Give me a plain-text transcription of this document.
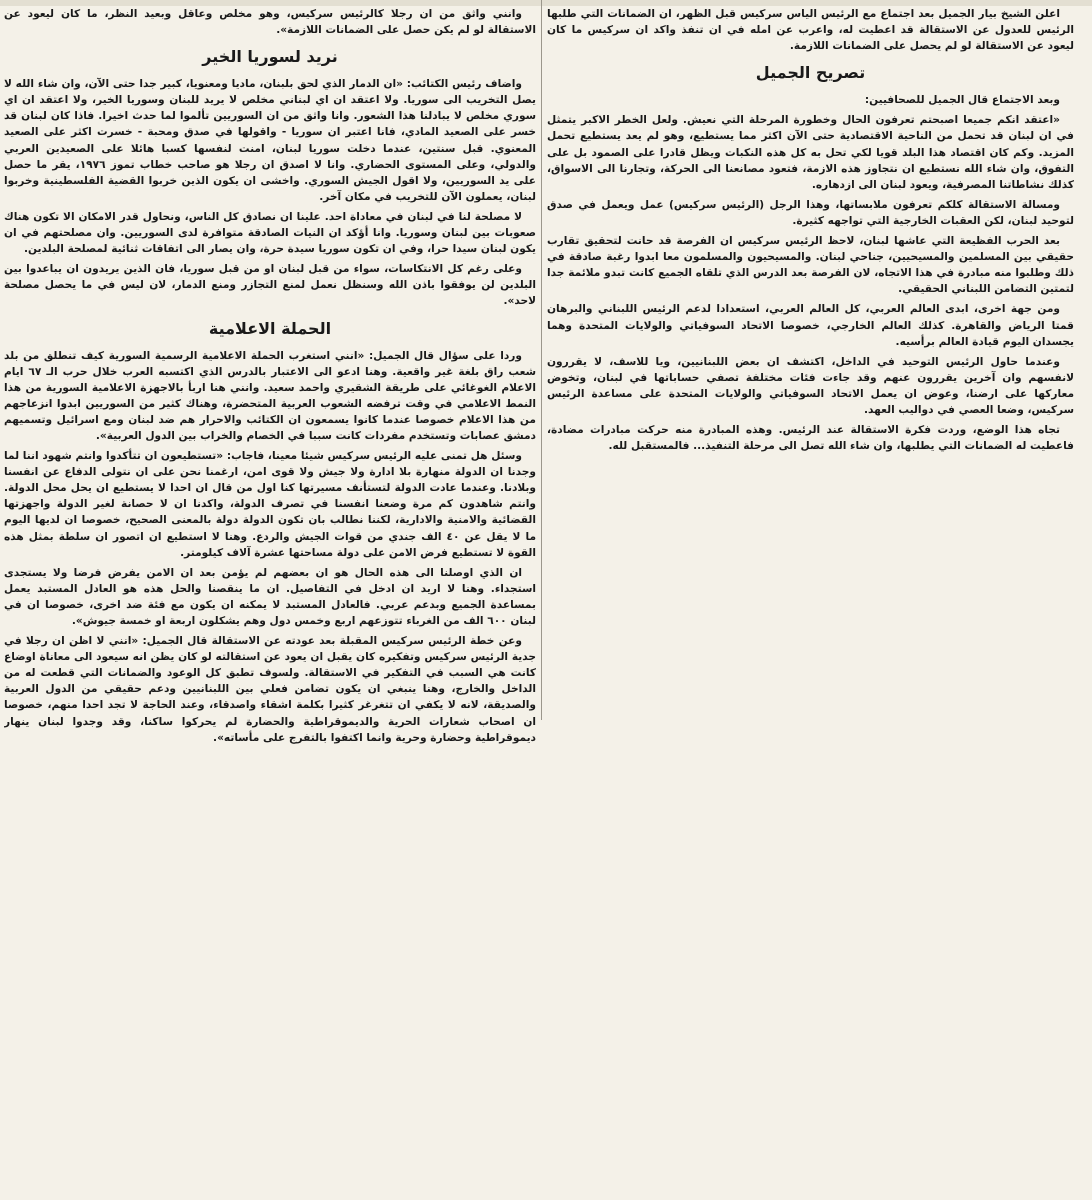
اعلن الشيخ بيار الجميل بعد اجتماع مع الرئيس الياس سركيس قبل الظهر، ان الضمانات التي طلبها الرئيس للعدول عن الاستقالة قد اعطيت له، واعرب عن امله في ان تنفذ واكد ان سركيس ما كان ليعود عن الاستقالة لو لم يحصل على الضمانات اللازمة.

تصريح الجميل

وبعد الاجتماع قال الجميل للصحافيين:

«اعتقد انكم جميعا اصبحتم تعرفون الحال وخطورة المرحلة التي نعيش. ولعل الخطر الاكبر يتمثل في ان لبنان قد تحمل من الناحية الاقتصادية حتى الآن اكثر مما يستطيع، وهو لم يعد يستطيع تحمل المزيد. وكم كان اقتصاد هذا البلد قويا لكي تحل به كل هذه النكبات ويظل قادرا على الصمود بل على التفوق، وان شاء الله نستطيع ان نتجاوز هذه الازمة، فتعود مصانعنا الى الحركة، وتجارنا الى الاسواق، كذلك نشاطاتنا المصرفية، ويعود لبنان الى ازدهاره.

ومسالة الاستقالة كلكم تعرفون ملابساتها، وهذا الرجل (الرئيس سركيس) عمل ويعمل في صدق لتوحيد لبنان، لكن العقبات الخارجية التي تواجهه كثيرة.

بعد الحرب الفظيعة التي عاشها لبنان، لاحظ الرئيس سركيس ان الفرصة قد حانت لتحقيق تقارب حقيقي بين المسلمين والمسيحيين، جناحي لبنان. والمسيحيون والمسلمون معا ابدوا رغبة صادقة في ذلك وطلبوا منه مبادرة في هذا الاتجاه، لان الفرصة بعد الدرس الذي تلقاه الجميع كانت تبدو ملائمة جدا لتمتين التضامن اللبناني الحقيقي.

ومن جهة اخرى، ابدى العالم العربي، كل العالم العربي، استعدادا لدعم الرئيس اللبناني والبرهان قمتا الرياض والقاهرة. كذلك العالم الخارجي، خصوصا الاتحاد السوفياتي والولايات المتحدة وهما يجسدان اليوم قيادة العالم برأسيه.

وعندما حاول الرئيس التوحيد في الداخل، اكتشف ان بعض اللبنانيين، ويا للاسف، لا يقررون لانفسهم وان آخرين يقررون عنهم وقد جاءت فئات مختلفة تصفي حساباتها في لبنان، وتخوض معاركها على ارضنا، وعوض ان يعمل الاتحاد السوفياتي والولايات المتحدة على مساعدة الرئيس سركيس، وضعا العصي في دواليب العهد.

تجاه هذا الوضع، وردت فكرة الاستقالة عند الرئيس. وهذه المبادرة منه حركت مبادرات مضادة، فاعطيت له الضمانات التي يطلبها، وان شاء الله تصل الى مرحلة التنفيذ... فالمستقبل لله.

وانني واثق من ان رجلا كالرئيس سركيس، وهو مخلص وعاقل وبعيد النظر، ما كان ليعود عن الاستقالة لو لم يكن حصل على الضمانات اللازمة».

نريد لسوريا الخير

واضاف رئيس الكتائب: «ان الدمار الذي لحق بلبنان، ماديا ومعنويا، كبير جدا حتى الآن، وان شاء الله لا يصل التخريب الى سوريا. ولا اعتقد ان اي لبناني مخلص لا يريد للبنان وسوريا الخير، ولا اعتقد ان اي سوري مخلص لا يبادلنا هذا الشعور. وانا واثق من ان السوريين تألموا لما حدث اخيرا. فاذا كان لبنان قد خسر على الصعيد المادي، فانا اعتبر ان سوريا - واقولها في صدق ومحبة - خسرت اكثر على الصعيد المعنوي. قبل سنتين، عندما دخلت سوريا لبنان، امنت لنفسها كسبا هائلا على الصعيدين العربي والدولي، وعلى المستوى الحضاري. وانا لا اصدق ان رجلا هو صاحب خطاب تموز ١٩٧٦، يقر ما حصل على يد السوريين، ولا اقول الجيش السوري. واخشى ان يكون الذين خربوا القضية الفلسطينية وخربوا لبنان، يعملون الآن للتخريب في مكان آخر.

لا مصلحة لنا في لبنان في معاداة احد. علينا ان نصادق كل الناس، ونحاول قدر الامكان الا تكون هناك صعوبات بين لبنان وسوريا. وانا أؤكد ان النيات الصادقة متوافرة لدى السوريين. وان مصلحتهم في ان يكون لبنان سيدا حرا، وفي ان تكون سوريا سيدة حرة، وان يصار الى اتفاقات ثنائية لمصلحة البلدين.

وعلى رغم كل الانتكاسات، سواء من قبل لبنان او من قبل سوريا، فان الذين يريدون ان يباعدوا بين البلدين لن يوفقوا باذن الله وسنظل نعمل لمنع التجازر ومنع الدمار، لان ليس في ما يحصل مصلحة لاحد».

الحملة الاعلامية

وردا على سؤال قال الجميل: «انني استغرب الحملة الاعلامية الرسمية السورية كيف تنطلق من بلد شعب راق بلغة غير واقعية. وهنا ادعو الى الاعتبار بالدرس الذي اكتسبه العرب خلال حرب الـ ٦٧ ايام الاعلام الغوغائي على طريقة الشقيري واحمد سعيد. وانني هنا اربأ بالاجهزة الاعلامية السورية من هذا النمط الاعلامي في وقت ترفضه الشعوب العربية المتحضرة، وهناك كثير من السوريين ابدوا انزعاجهم من هذا الاعلام خصوصا عندما كانوا يسمعون ان الكتائب والاحرار هم ضد لبنان ومع اسرائيل وتسميهم دمشق عصابات وتستخدم مفردات كانت سببا في الخصام والخراب بين الدول العربية».

وسئل هل تمنى عليه الرئيس سركيس شيئا معينا، فاجاب: «تستطيعون ان تتأكدوا وانتم شهود اننا لما وجدنا ان الدولة منهارة بلا ادارة ولا جيش ولا قوى امن، ارغمنا نحن على ان نتولى الدفاع عن انفسنا وبلادنا. وعندما عادت الدولة لتستأنف مسيرتها كنا اول من قال ان احدا لا يستطيع ان يحل محل الدولة. وانتم شاهدون كم مرة وضعنا انفسنا في تصرف الدولة، واكدنا ان لا حصانة لغير الدولة واجهزتها القضائية والامنية والادارية، لكننا نطالب بان تكون الدولة دولة بالمعنى الصحيح، خصوصا ان لديها اليوم ما لا يقل عن ٤٠ الف جندي من قوات الجيش والردع. وهنا لا استطيع ان اتصور ان سلطة بمثل هذه القوة لا تستطيع فرض الامن على دولة مساحتها عشرة آلاف كيلومتر.

ان الذي اوصلنا الى هذه الحال هو ان بعضهم لم يؤمن بعد ان الامن يفرض فرضا ولا يستجدى استجداء. وهنا لا اريد ان ادخل في التفاصيل. ان ما ينقصنا والحل هذه هو العادل المستبد يعمل بمساعدة الجميع وبدعم عربي. فالعادل المستبد لا يمكنه ان يكون مع فئة ضد اخرى، خصوصا ان في لبنان ٦٠٠ الف من الغرباء تتوزعهم اربع وخمس دول وهم يشكلون اربعة او خمسة جيوش».

وعن خطة الرئيس سركيس المقبلة بعد عودته عن الاستقالة قال الجميل: «انني لا اظن ان رجلا في جدية الرئيس سركيس وتفكيره كان يقبل ان يعود عن استقالته لو كان يظن انه سيعود الى معاناة اوضاع كانت هي السبب في التفكير في الاستقالة. ولسوف تطبق كل الوعود والضمانات التي قطعت له من الداخل والخارج، وهنا ينبغي ان يكون تضامن فعلي بين اللبنانيين ودعم حقيقي من الدول العربية والصديقة، لانه لا يكفي ان تتغرغر كثيرا بكلمة اشقاء واصدقاء، وعند الحاجة لا تجد احدا منهم، خصوصا ان اصحاب شعارات الحرية والديموقراطية والحضارة لم يحركوا ساكنا، وقد وجدوا لبنان ينهار ديموقراطية وحضارة وحرية وانما اكتفوا بالتفرج على مأساته».
